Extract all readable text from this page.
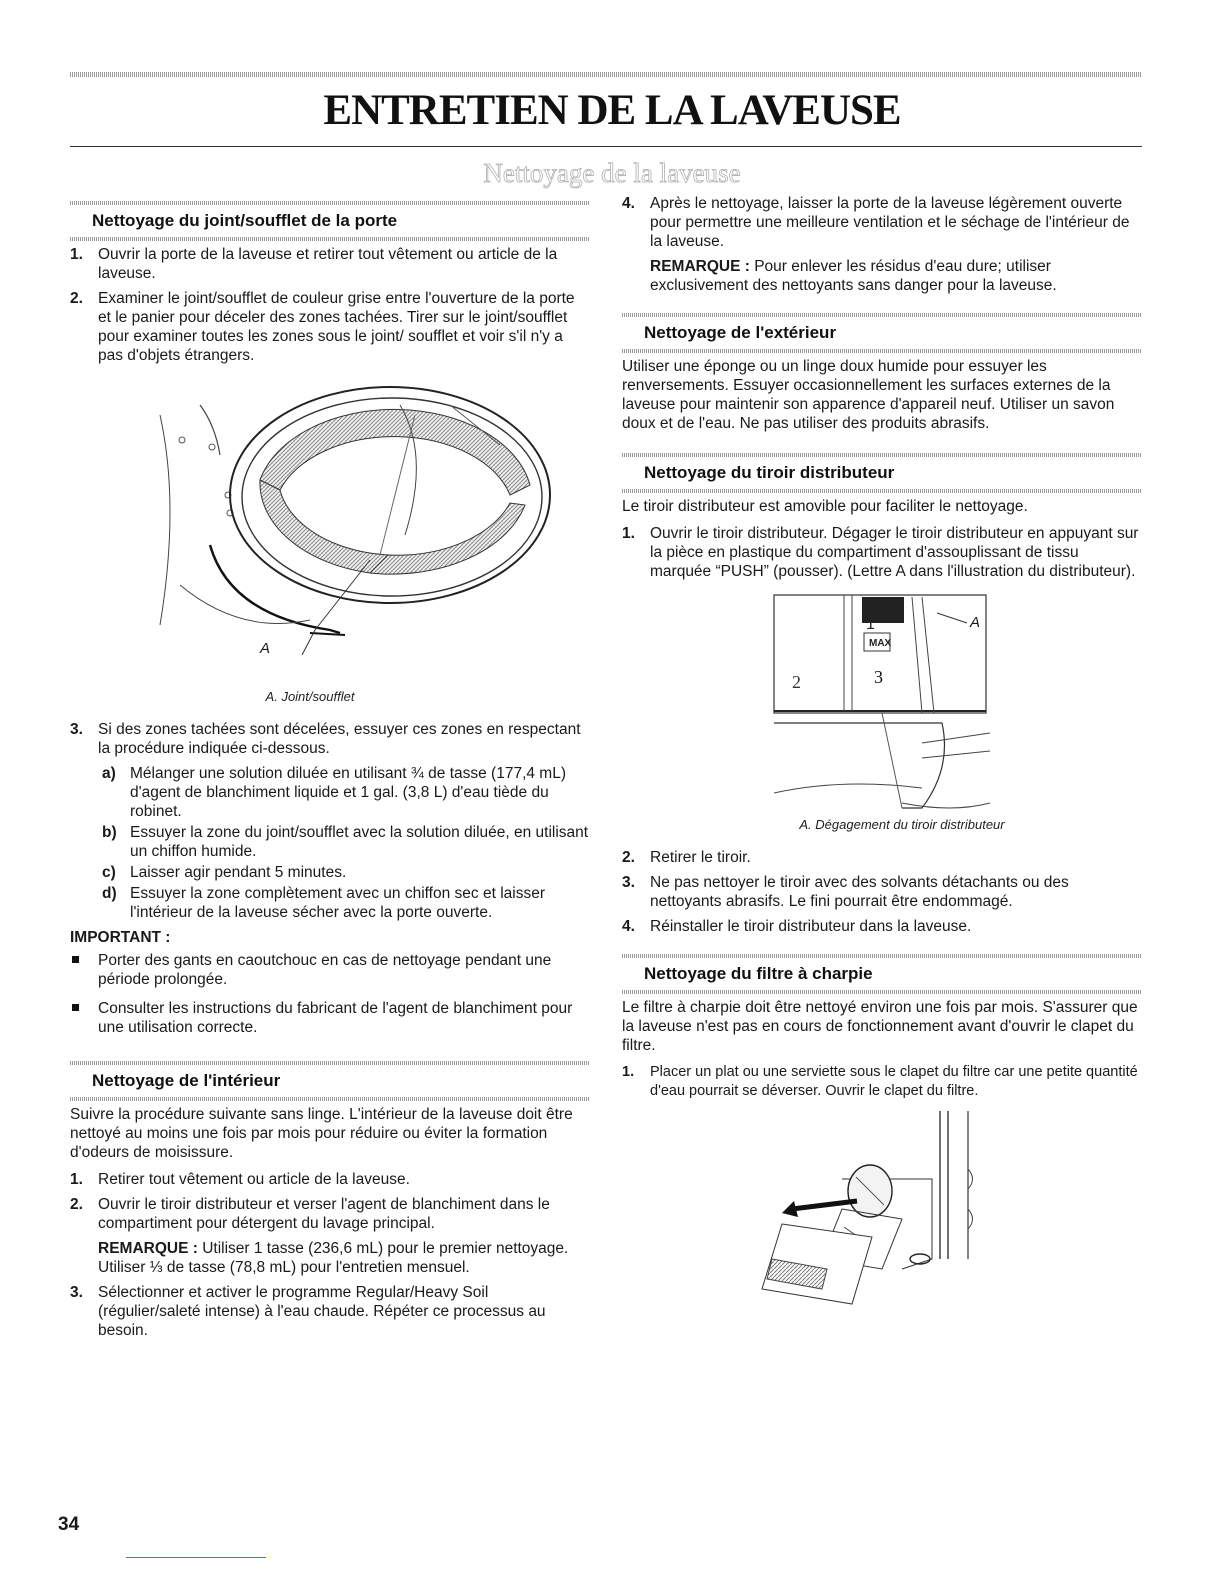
ENTRETIEN DE LA LAVEUSE
Nettoyage de la laveuse
Nettoyage du joint/soufflet de la porte
1. Ouvrir la porte de la laveuse et retirer tout vêtement ou article de la laveuse.
2. Examiner le joint/soufflet de couleur grise entre l'ouverture de la porte et le panier pour déceler des zones tachées. Tirer sur le joint/soufflet pour examiner toutes les zones sous le joint/ soufflet et voir s'il n'y a pas d'objets étrangers.
A
A. Joint/soufflet
3. Si des zones tachées sont décelées, essuyer ces zones en respectant la procédure indiquée ci-dessous.
a) Mélanger une solution diluée en utilisant ¾ de tasse (177,4 mL) d'agent de blanchiment liquide et 1 gal. (3,8 L) d'eau tiède du robinet.
b) Essuyer la zone du joint/soufflet avec la solution diluée, en utilisant un chiffon humide.
c) Laisser agir pendant 5 minutes.
d) Essuyer la zone complètement avec un chiffon sec et laisser l'intérieur de la laveuse sécher avec la porte ouverte.
IMPORTANT :
Porter des gants en caoutchouc en cas de nettoyage pendant une période prolongée.
Consulter les instructions du fabricant de l'agent de blanchiment pour une utilisation correcte.
Nettoyage de l'intérieur

Suivre la procédure suivante sans linge. L'intérieur de la laveuse doit être nettoyé au moins une fois par mois pour réduire ou éviter la formation d'odeurs de moisissure.

1. Retirer tout vêtement ou article de la laveuse.
2. Ouvrir le tiroir distributeur et verser l'agent de blanchiment dans le compartiment pour détergent du lavage principal.
REMARQUE : Utiliser 1 tasse (236,6 mL) pour le premier nettoyage. Utiliser ⅓ de tasse (78,8 mL) pour l'entretien mensuel.
3. Sélectionner et activer le programme Regular/Heavy Soil (régulier/saleté intense) à l'eau chaude. Répéter ce processus au besoin.
4. Après le nettoyage, laisser la porte de la laveuse légèrement ouverte pour permettre une meilleure ventilation et le séchage de l'intérieur de la laveuse.
REMARQUE : Pour enlever les résidus d'eau dure; utiliser exclusivement des nettoyants sans danger pour la laveuse.
Nettoyage de l'extérieur

Utiliser une éponge ou un linge doux humide pour essuyer les renversements. Essuyer occasionnellement les surfaces externes de la laveuse pour maintenir son apparence d'appareil neuf. Utiliser un savon doux et de l'eau. Ne pas utiliser des produits abrasifs.

Nettoyage du tiroir distributeur

Le tiroir distributeur est amovible pour faciliter le nettoyage.

1. Ouvrir le tiroir distributeur. Dégager le tiroir distributeur en appuyant sur la pièce en plastique du compartiment d'assouplissant de tissu marquée “PUSH” (pousser). (Lettre A dans l'illustration du distributeur).
MAX
1
2	3
A
A. Dégagement du tiroir distributeur
2. Retirer le tiroir.
3. Ne pas nettoyer le tiroir avec des solvants détachants ou des nettoyants abrasifs. Le fini pourrait être endommagé.
4. Réinstaller le tiroir distributeur dans la laveuse.
Nettoyage du filtre à charpie

Le filtre à charpie doit être nettoyé environ une fois par mois. S'assurer que la laveuse n'est pas en cours de fonctionnement avant d'ouvrir le clapet du filtre.

1. Placer un plat ou une serviette sous le clapet du filtre car une petite quantité d'eau pourrait se déverser. Ouvrir le clapet du filtre.

34
